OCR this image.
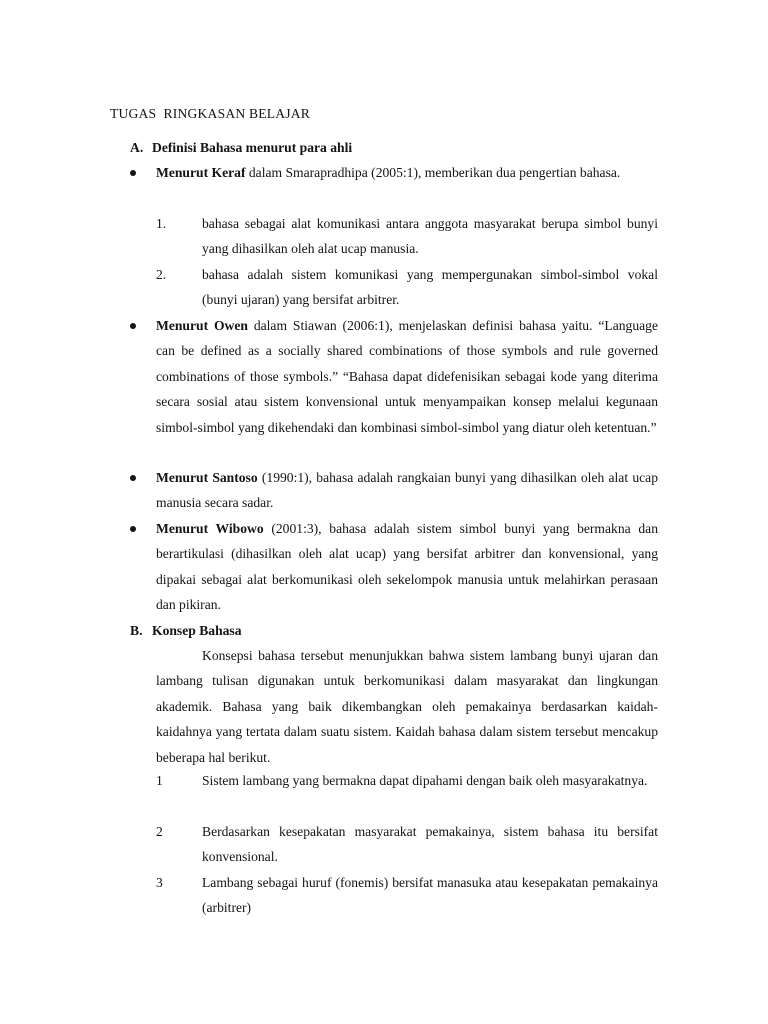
TUGAS  RINGKASAN BELAJAR
A. Definisi Bahasa menurut para ahli
Menurut Keraf dalam Smarapradhipa (2005:1), memberikan dua pengertian bahasa.
1.	bahasa sebagai alat komunikasi antara anggota masyarakat berupa simbol bunyi yang dihasilkan oleh alat ucap manusia.
2.	bahasa adalah sistem komunikasi yang mempergunakan simbol-simbol vokal (bunyi ujaran) yang bersifat arbitrer.
Menurut Owen dalam Stiawan (2006:1), menjelaskan definisi bahasa yaitu. “Language can be defined as a socially shared combinations of those symbols and rule governed combinations of those symbols.” “Bahasa dapat didefenisikan sebagai kode yang diterima secara sosial atau sistem konvensional untuk menyampaikan konsep melalui kegunaan simbol-simbol yang dikehendaki dan kombinasi simbol-simbol yang diatur oleh ketentuan.”
Menurut Santoso (1990:1), bahasa adalah rangkaian bunyi yang dihasilkan oleh alat ucap manusia secara sadar.
Menurut Wibowo (2001:3), bahasa adalah sistem simbol bunyi yang bermakna dan berartikulasi (dihasilkan oleh alat ucap) yang bersifat arbitrer dan konvensional, yang dipakai sebagai alat berkomunikasi oleh sekelompok manusia untuk melahirkan perasaan dan pikiran.
B. Konsep Bahasa
Konsepsi bahasa tersebut menunjukkan bahwa sistem lambang bunyi ujaran dan lambang tulisan digunakan untuk berkomunikasi dalam masyarakat dan lingkungan akademik. Bahasa yang baik dikembangkan oleh pemakainya berdasarkan kaidah-kaidahnya yang tertata dalam suatu sistem. Kaidah bahasa dalam sistem tersebut mencakup beberapa hal berikut.
1	Sistem lambang yang bermakna dapat dipahami dengan baik oleh masyarakatnya.
2	Berdasarkan kesepakatan masyarakat pemakainya, sistem bahasa itu bersifat konvensional.
3	Lambang sebagai huruf (fonemis) bersifat manasuka atau kesepakatan pemakainya (arbitrer)
